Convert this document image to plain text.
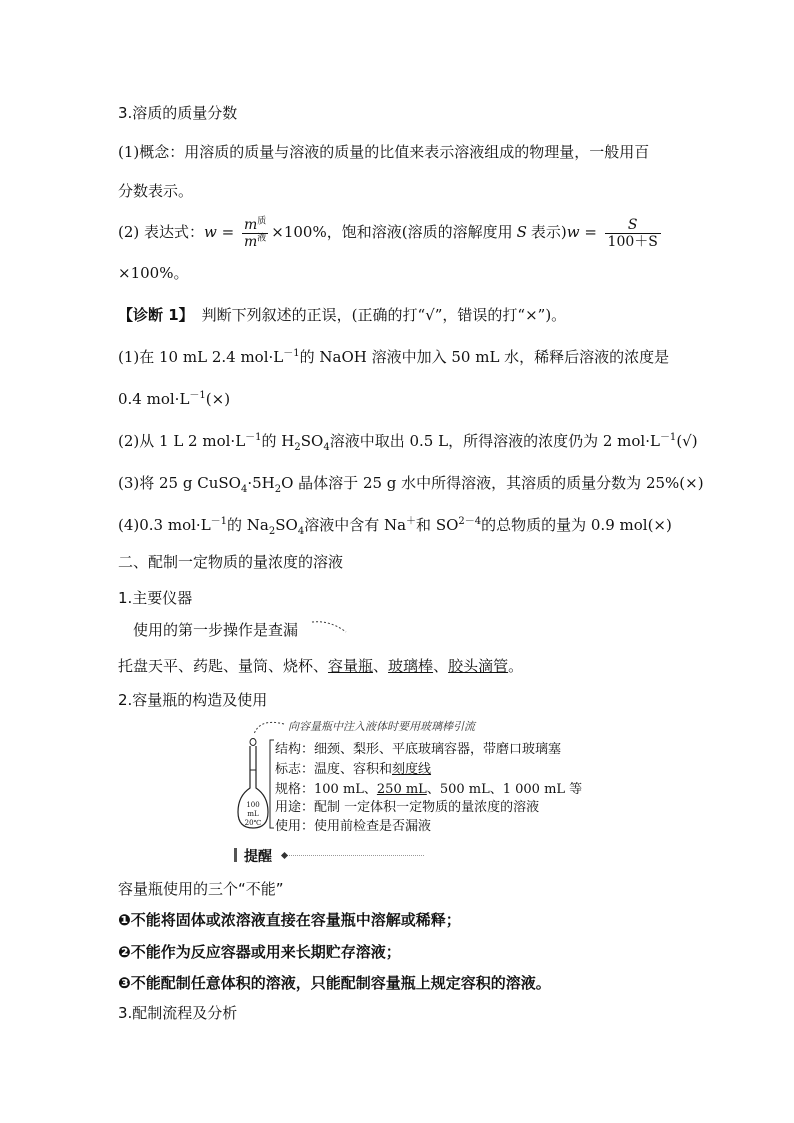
3.溶质的质量分数
(1)概念：用溶质的质量与溶液的质量的比值来表示溶液组成的物理量，一般用百
分数表示。
(2) 表达式：$w = \frac{m^质}{m^液} \times 100\%$，饱和溶液(溶质的溶解度用 S 表示)$w = \frac{S}{100+S}$
×100%。
【诊断 1】 判断下列叙述的正误，(正确的打“√”，错误的打“×”)。
(1)在 10 mL 2.4 $mol\cdot L^{-1}$的 NaOH 溶液中加入 50 mL 水，稀释后溶液的浓度是
0.4 $mol\cdot L^{-1}(\times)$
(2)从 1 L 2 $mol\cdot L^{-1}$的 $H_2SO_4$溶液中取出 0.5 L，所得溶液的浓度仍为 2 $mol\cdot L^{-1}(√)$
(3)将 25 g $CuSO_4\cdot 5H_2O$ 晶体溶于 25 g 水中所得溶液，其溶质的质量分数为 25%(×)
(4)0.3 $mol\cdot L^{-1}$的 $Na_2SO_4$溶液中含有 Na＋和 $SO^{2-4}$的总物质的量为 0.9 mol(×)
二、配制一定物质的量浓度的溶液
1.主要仪器
使用的第一步操作是查漏
托盘天平、药匙、量筒、烧杯、容量瓶、玻璃棒、胶头滴管。
2.容量瓶的构造及使用
向容量瓶中注入液体时要用玻璃棒引流
100 mL
20℃
结构：细颈、梨形、平底玻璃容器，带磨口玻璃塞
标志：温度、容积和刻度线
规格：100 mL、250 mL、500 mL、1 000 mL 等
用途：配制 一定体积一定物质的量浓度的溶液
使用：使用前检查是否漏液
提醒
容量瓶使用的三个“不能”
❶不能将固体或浓溶液直接在容量瓶中溶解或稀释；
❷不能作为反应容器或用来长期贮存溶液；
❸不能配制任意体积的溶液，只能配制容量瓶上规定容积的溶液。
3.配制流程及分析
